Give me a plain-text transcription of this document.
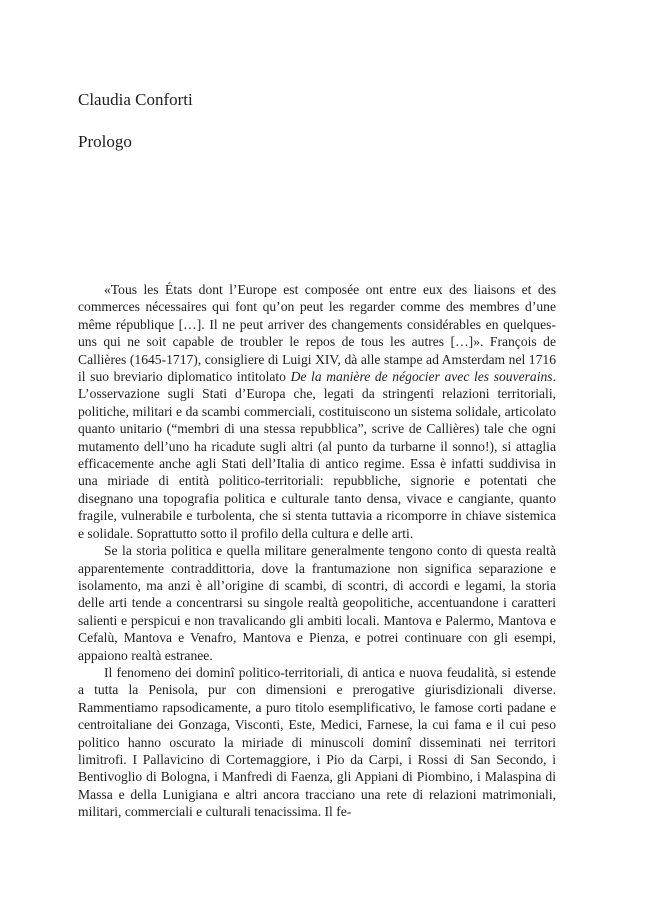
Claudia Conforti
Prologo

«Tous les États dont l’Europe est composée ont entre eux des liaisons et des commerces nécessaires qui font qu’on peut les regarder comme des membres d’une même république […]. Il ne peut arriver des changements considérables en quelques-uns qui ne soit capable de troubler le repos de tous les autres […]». François de Callières (1645-1717), consigliere di Luigi XIV, dà alle stampe ad Amsterdam nel 1716 il suo breviario diplomatico intitolato De la manière de négocier avec les souverains. L’osservazione sugli Stati d’Europa che, legati da stringenti relazioni territoriali, politiche, militari e da scambi commerciali, costituiscono un sistema solidale, articolato quanto unitario (“membri di una stessa repubblica”, scrive de Callières) tale che ogni mutamento dell’uno ha ricadute sugli altri (al punto da turbarne il sonno!), si attaglia efficacemente anche agli Stati dell’Italia di antico regime. Essa è infatti suddivisa in una miriade di entità politico-territoriali: repubbliche, signorie e potentati che disegnano una topografia politica e culturale tanto densa, vivace e cangiante, quanto fragile, vulnerabile e turbolenta, che si stenta tuttavia a ricomporre in chiave sistemica e solidale. Soprattutto sotto il profilo della cultura e delle arti.

Se la storia politica e quella militare generalmente tengono conto di questa realtà apparentemente contraddittoria, dove la frantumazione non significa separazione e isolamento, ma anzi è all’origine di scambi, di scontri, di accordi e legami, la storia delle arti tende a concentrarsi su singole realtà geopolitiche, accentuandone i caratteri salienti e perspicui e non travalicando gli ambiti locali. Mantova e Palermo, Mantova e Cefalù, Mantova e Venafro, Mantova e Pienza, e potrei continuare con gli esempi, appaiono realtà estranee.

Il fenomeno dei dominî politico-territoriali, di antica e nuova feudalità, si estende a tutta la Penisola, pur con dimensioni e prerogative giurisdizionali diverse. Rammentiamo rapsodicamente, a puro titolo esemplificativo, le famose corti padane e centroitaliane dei Gonzaga, Visconti, Este, Medici, Farnese, la cui fama e il cui peso politico hanno oscurato la miriade di minuscoli dominî disseminati nei territori limitrofi. I Pallavicino di Cortemaggiore, i Pio da Carpi, i Rossi di San Secondo, i Bentivoglio di Bologna, i Manfredi di Faenza, gli Appiani di Piombino, i Malaspina di Massa e della Lunigiana e altri ancora tracciano una rete di relazioni matrimoniali, militari, commerciali e culturali tenacissima. Il fe-
